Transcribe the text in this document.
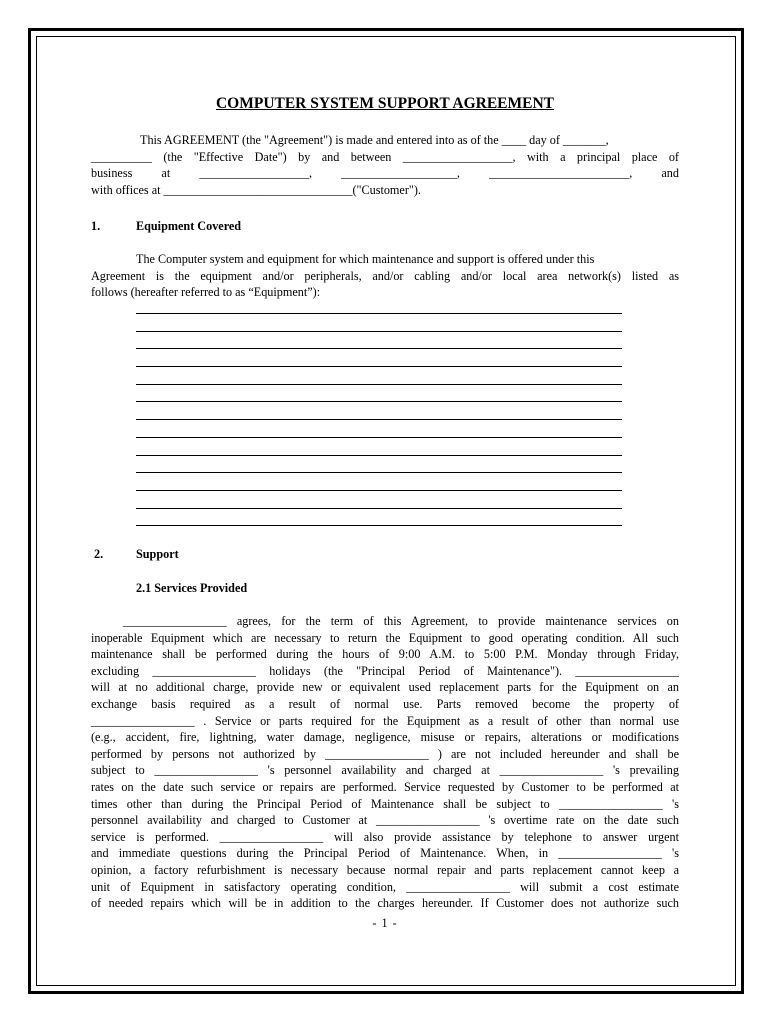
COMPUTER SYSTEM SUPPORT AGREEMENT
This AGREEMENT (the "Agreement") is made and entered into as of the ____ day of _______,
__________ (the "Effective Date") by and between __________________, with a principal place of
business at __________________, ___________________, _______________________, and
with offices at _______________________________("Customer").
1.	Equipment Covered
The Computer system and equipment for which maintenance and support is offered under this
Agreement is the equipment and/or peripherals, and/or cabling and/or local area network(s) listed as
follows (hereafter referred to as “Equipment”):
2.	Support
2.1 Services Provided
_________________ agrees, for the term of this Agreement, to provide maintenance services on
inoperable Equipment which are necessary to return the Equipment to good operating condition. All such
maintenance shall be performed during the hours of 9:00 A.M. to 5:00 P.M. Monday through Friday,
excluding _________________ holidays (the "Principal Period of Maintenance"). _________________
will at no additional charge, provide new or equivalent used replacement parts for the Equipment on an
exchange basis required as a result of normal use. Parts removed become the property of
_________________ . Service or parts required for the Equipment as a result of other than normal use
(e.g., accident, fire, lightning, water damage, negligence, misuse or repairs, alterations or modifications
performed by persons not authorized by _________________ ) are not included hereunder and shall be
subject to _________________ 's personnel availability and charged at _________________ 's prevailing
rates on the date such service or repairs are performed. Service requested by Customer to be performed at
times other than during the Principal Period of Maintenance shall be subject to _________________ 's
personnel availability and charged to Customer at _________________ 's overtime rate on the date such
service is performed. _________________ will also provide assistance by telephone to answer urgent
and immediate questions during the Principal Period of Maintenance. When, in _________________ 's
opinion, a factory refurbishment is necessary because normal repair and parts replacement cannot keep a
unit of Equipment in satisfactory operating condition, _________________ will submit a cost estimate
of needed repairs which will be in addition to the charges hereunder. If Customer does not authorize such
- 1 -
